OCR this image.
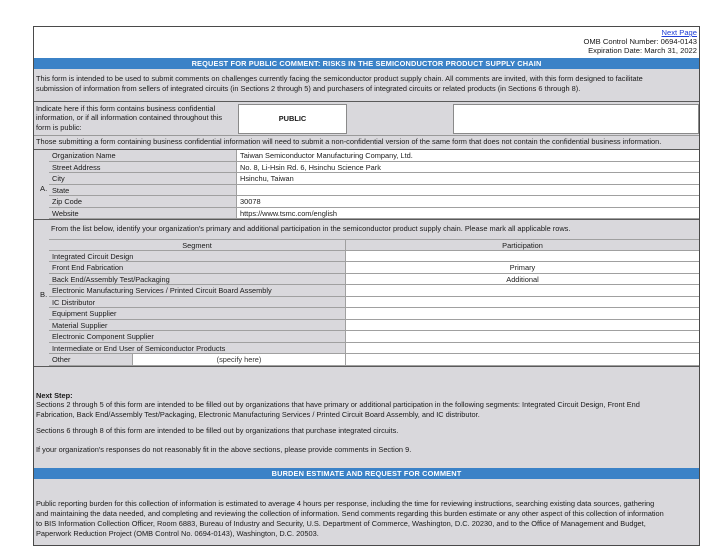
Next Page
OMB Control Number: 0694-0143
Expiration Date: March 31, 2022
REQUEST FOR PUBLIC COMMENT: RISKS IN THE SEMICONDUCTOR PRODUCT SUPPLY CHAIN
This form is intended to be used to submit comments on challenges currently facing the semiconductor product supply chain. All comments are invited, with this form designed to facilitate
submission of information from sellers of integrated circuits (in Sections 2 through 5) and purchasers of integrated circuits or related products (in Sections 6 through 8).
Indicate here if this form contains business confidential
information, or if all information contained throughout this
form is public:
PUBLIC
Those submitting a form containing business confidential information will need to submit a non-confidential version of the same form that does not contain the confidential business information.
A.
Organization Name	Taiwan Semiconductor Manufacturing Company, Ltd.
Street Address	No. 8, Li-Hsin Rd. 6, Hsinchu Science Park
City	Hsinchu, Taiwan
State
Zip Code	30078
Website	https://www.tsmc.com/english
From the list below, identify your organization's primary and additional participation in the semiconductor product supply chain. Please mark all applicable rows.
Segment	Participation
B.
Integrated Circuit Design
Front End Fabrication	Primary
Back End/Assembly Test/Packaging	Additional
Electronic Manufacturing Services / Printed Circuit Board Assembly
IC Distributor
Equipment Supplier
Material Supplier
Electronic Component Supplier
Intermediate or End User of Semiconductor Products
Other	(specify here)
Next Step:
Sections 2 through 5 of this form are intended to be filled out by organizations that have primary or additional participation in the following segments: Integrated Circuit Design, Front End
Fabrication, Back End/Assembly Test/Packaging, Electronic Manufacturing Services / Printed Circuit Board Assembly, and IC distributor.
Sections 6 through 8 of this form are intended to be filled out by organizations that purchase integrated circuits.
If your organization's responses do not reasonably fit in the above sections, please provide comments in Section 9.
BURDEN ESTIMATE AND REQUEST FOR COMMENT
Public reporting burden for this collection of information is estimated to average 4 hours per response, including the time for reviewing instructions, searching existing data sources, gathering
and maintaining the data needed, and completing and reviewing the collection of information. Send comments regarding this burden estimate or any other aspect of this collection of information
to BIS Information Collection Officer, Room 6883, Bureau of Industry and Security, U.S. Department of Commerce, Washington, D.C. 20230, and to the Office of Management and Budget,
Paperwork Reduction Project (OMB Control No. 0694-0143), Washington, D.C. 20503.
